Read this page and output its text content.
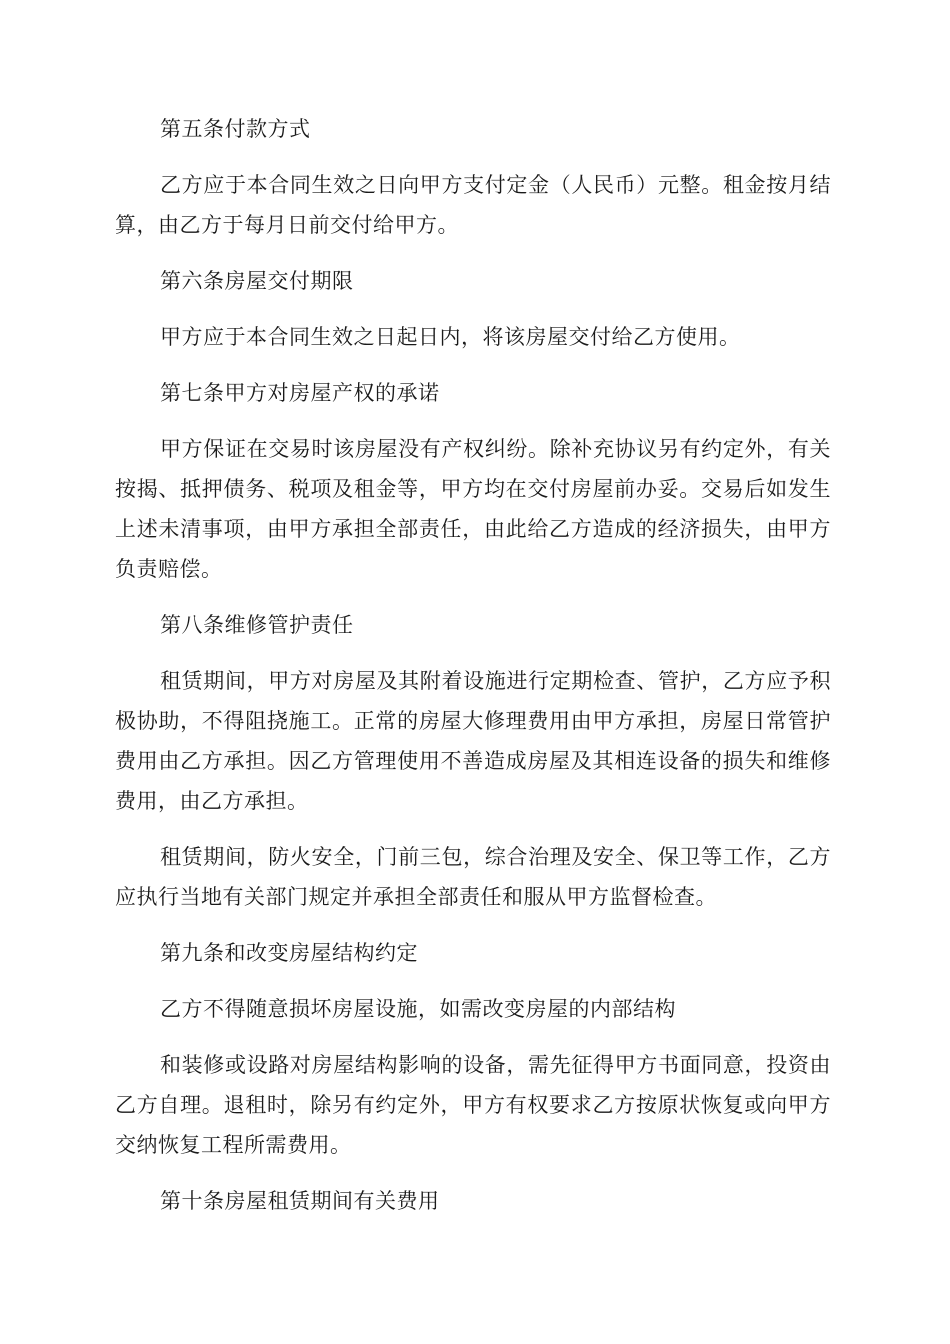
第五条付款方式

乙方应于本合同生效之日向甲方支付定金（人民币）元整。租金按月结算，由乙方于每月日前交付给甲方。

第六条房屋交付期限

甲方应于本合同生效之日起日内，将该房屋交付给乙方使用。

第七条甲方对房屋产权的承诺

甲方保证在交易时该房屋没有产权纠纷。除补充协议另有约定外，有关按揭、抵押债务、税项及租金等，甲方均在交付房屋前办妥。交易后如发生上述未清事项，由甲方承担全部责任，由此给乙方造成的经济损失，由甲方负责赔偿。

第八条维修管护责任

租赁期间，甲方对房屋及其附着设施进行定期检查、管护，乙方应予积极协助，不得阻挠施工。正常的房屋大修理费用由甲方承担，房屋日常管护费用由乙方承担。因乙方管理使用不善造成房屋及其相连设备的损失和维修费用，由乙方承担。

租赁期间，防火安全，门前三包，综合治理及安全、保卫等工作，乙方应执行当地有关部门规定并承担全部责任和服从甲方监督检查。

第九条和改变房屋结构约定

乙方不得随意损坏房屋设施，如需改变房屋的内部结构

和装修或设路对房屋结构影响的设备，需先征得甲方书面同意，投资由乙方自理。退租时，除另有约定外，甲方有权要求乙方按原状恢复或向甲方交纳恢复工程所需费用。

第十条房屋租赁期间有关费用
